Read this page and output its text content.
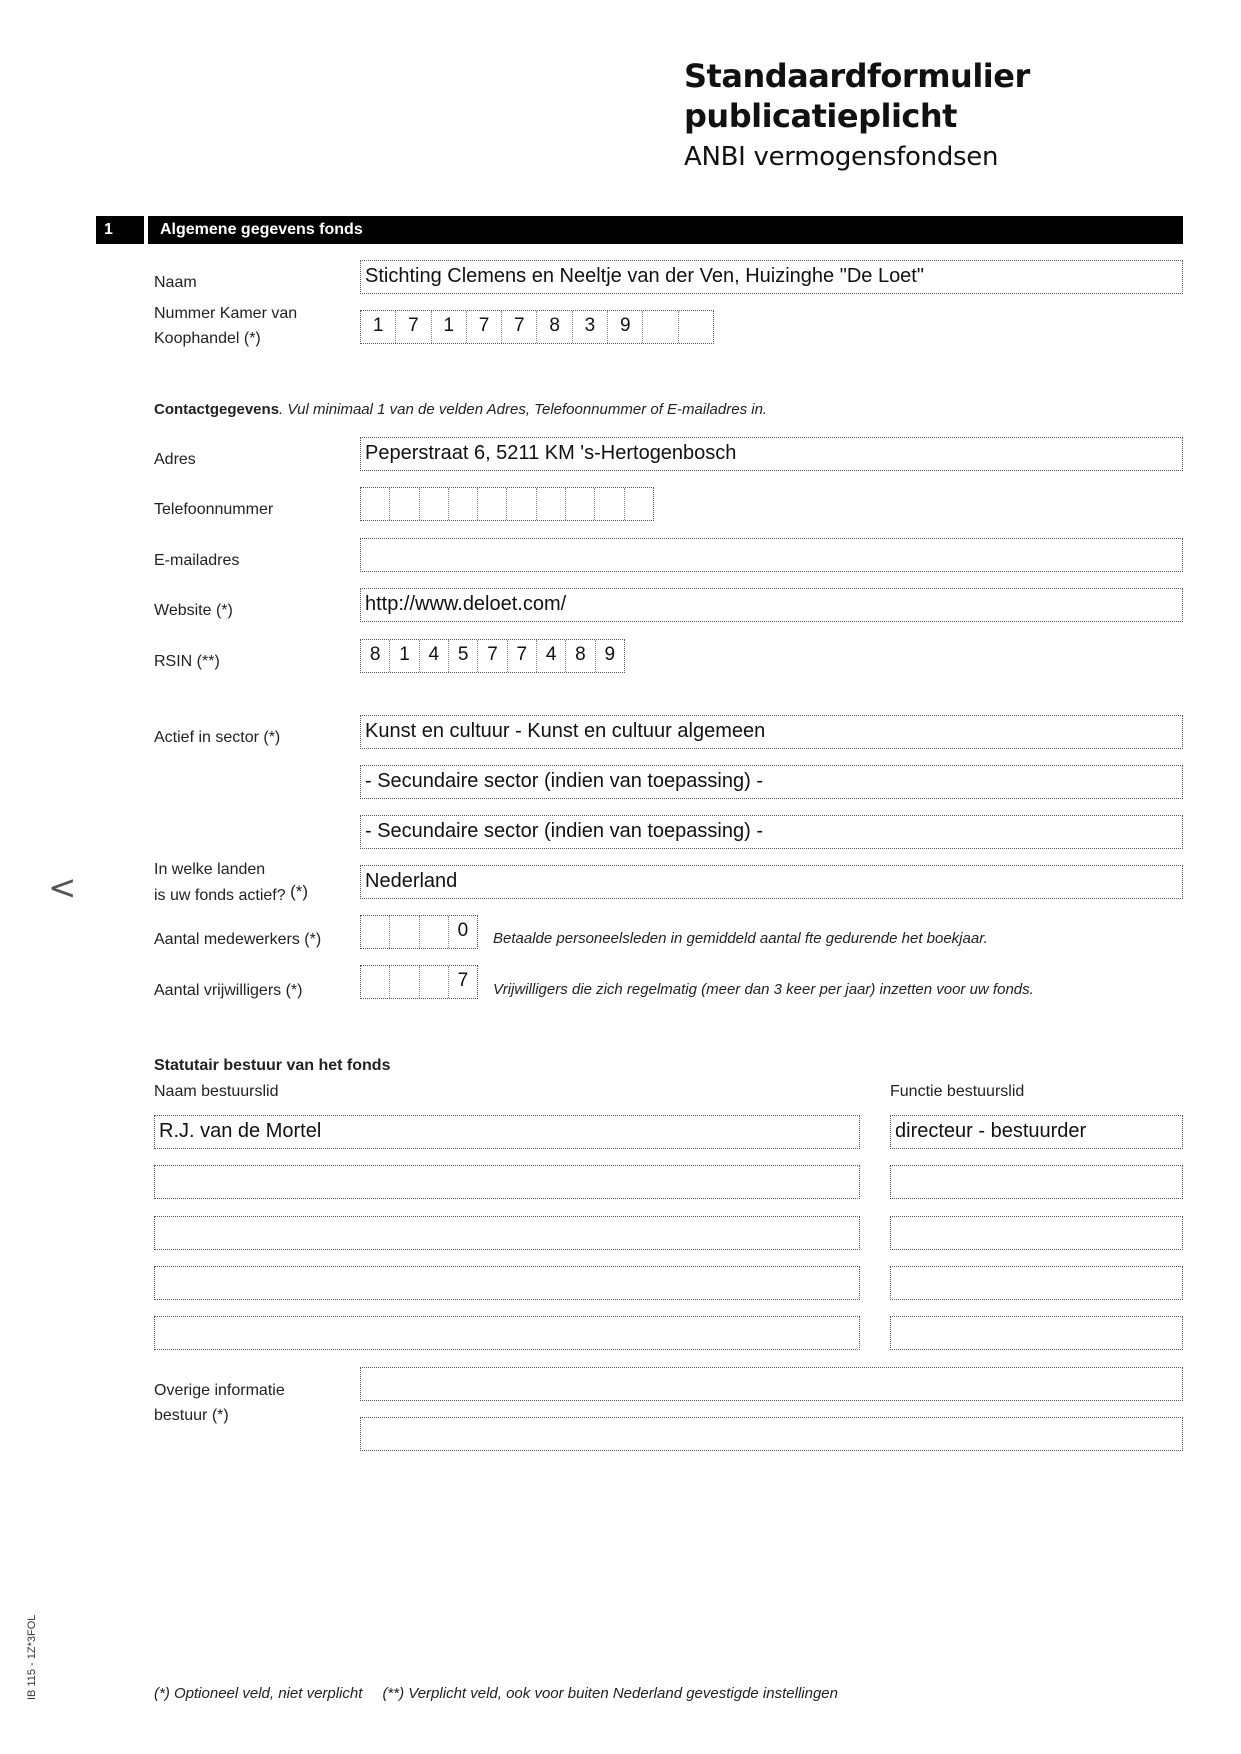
Standaardformulier
publicatieplicht
ANBI vermogensfondsen
1	Algemene gegevens fonds
Naam	Stichting Clemens en Neeltje van der Ven, Huizinghe "De Loet"
Nummer Kamer van
Koophandel (*)
1	7	1	7	7	8	3	9
Contactgegevens. Vul minimaal 1 van de velden Adres, Telefoonnummer of E-mailadres in.
Adres	Peperstraat 6, 5211 KM 's-Hertogenbosch
Telefoonnummer
E-mailadres
Website (*)	http://www.deloet.com/
RSIN (**)	8 1 4 5 7 7 4 8 9
Actief in sector (*)	Kunst en cultuur - Kunst en cultuur algemeen
- Secundaire sector (indien van toepassing) -
- Secundaire sector (indien van toepassing) -
In welke landen
is uw fonds actief? (*)	Nederland
Aantal medewerkers (*)	0	Betaalde personeelsleden in gemiddeld aantal fte gedurende het boekjaar.
Aantal vrijwilligers (*)	7	Vrijwilligers die zich regelmatig (meer dan 3 keer per jaar) inzetten voor uw fonds.
Statutair bestuur van het fonds
Naam bestuurslid	Functie bestuurslid
R.J. van de Mortel	directeur - bestuurder
Overige informatie
bestuur (*)
<
IB 115 - 1Z*3FOL	(*) Optioneel veld, niet verplicht (**) Verplicht veld, ook voor buiten Nederland gevestigde instellingen
